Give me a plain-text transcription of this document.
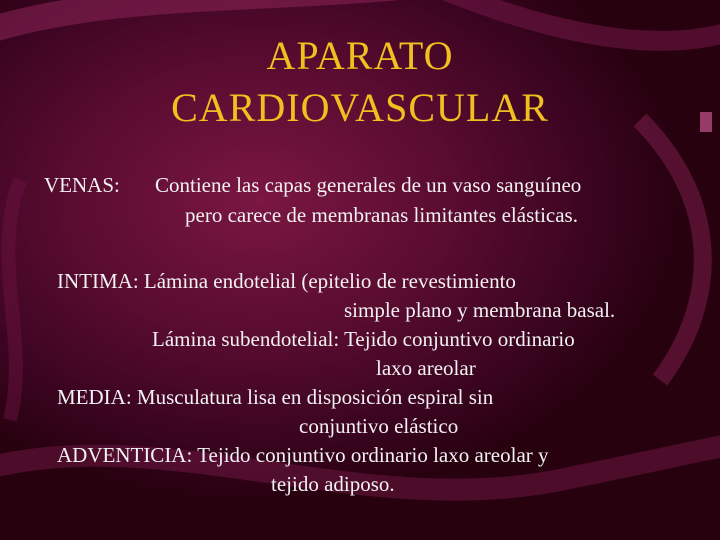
APARATO
CARDIOVASCULAR
VENAS: Contiene las capas generales de un vaso sanguíneo
pero carece de membranas limitantes elásticas.
INTIMA: Lámina endotelial (epitelio de revestimiento
simple plano y membrana basal.
Lámina subendotelial: Tejido conjuntivo ordinario
laxo areolar
MEDIA: Musculatura lisa en disposición espiral sin
conjuntivo elástico
ADVENTICIA: Tejido conjuntivo ordinario laxo areolar y
tejido adiposo.
